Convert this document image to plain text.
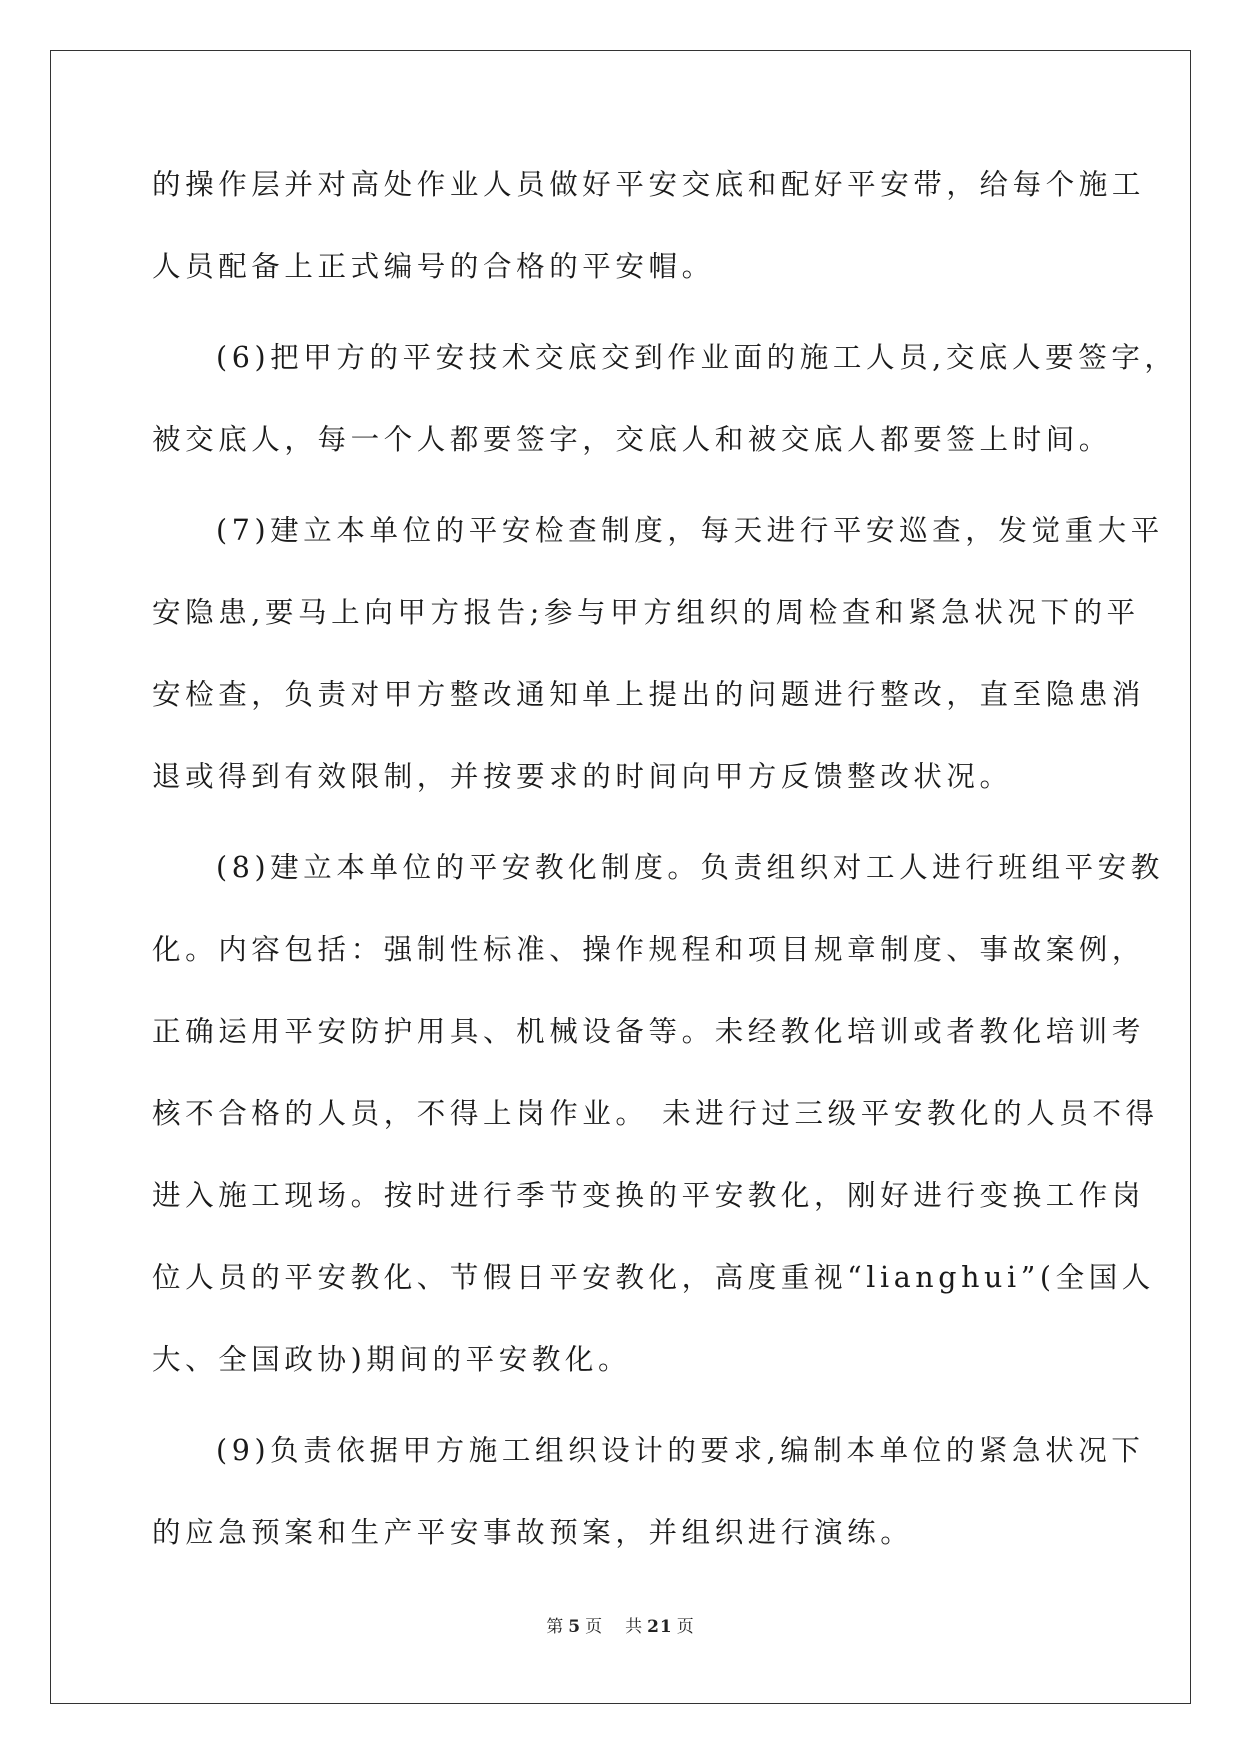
的操作层并对高处作业人员做好平安交底和配好平安带，给每个施工
人员配备上正式编号的合格的平安帽。
(6)把甲方的平安技术交底交到作业面的施工人员,交底人要签字，
被交底人，每一个人都要签字，交底人和被交底人都要签上时间。
(7)建立本单位的平安检查制度，每天进行平安巡查，发觉重大平
安隐患,要马上向甲方报告;参与甲方组织的周检查和紧急状况下的平
安检查，负责对甲方整改通知单上提出的问题进行整改，直至隐患消
退或得到有效限制，并按要求的时间向甲方反馈整改状况。
(8)建立本单位的平安教化制度。负责组织对工人进行班组平安教
化。内容包括：强制性标准、操作规程和项目规章制度、事故案例，
正确运用平安防护用具、机械设备等。未经教化培训或者教化培训考
核不合格的人员，不得上岗作业。 未进行过三级平安教化的人员不得
进入施工现场。按时进行季节变换的平安教化，刚好进行变换工作岗
位人员的平安教化、节假日平安教化，高度重视“lianghui”(全国人
大、全国政协)期间的平安教化。
(9)负责依据甲方施工组织设计的要求,编制本单位的紧急状况下
的应急预案和生产平安事故预案，并组织进行演练。
第 5 页 共 21 页
